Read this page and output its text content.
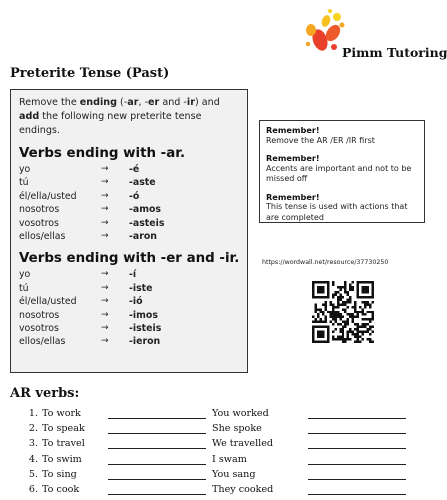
Pimm Tutoring
Preterite Tense (Past)
Remove the ending (-ar, -er and -ir) and add the following new preterite tense endings.
Verbs ending with -ar.
yo	→	-é
tú	→	-aste
él/ella/usted	→	-ó
nosotros	→	-amos
vosotros	→	-asteis
ellos/ellas	→	-aron
Verbs ending with -er and -ir.
yo	→	-í
tú	→	-iste
él/ella/usted	→	-ió
nosotros	→	-imos
vosotros	→	-isteis
ellos/ellas	→	-ieron
Remember!
Remove the AR /ER /IR first
Remember!
Accents are important and not to be missed off
Remember!
This tense is used with actions that are completed
https://wordwall.net/resource/37730250
AR verbs:
1. To work	You worked
2. To speak	She spoke
3. To travel	We travelled
4. To swim	I swam
5. To sing	You sang
6. To cook	They cooked
